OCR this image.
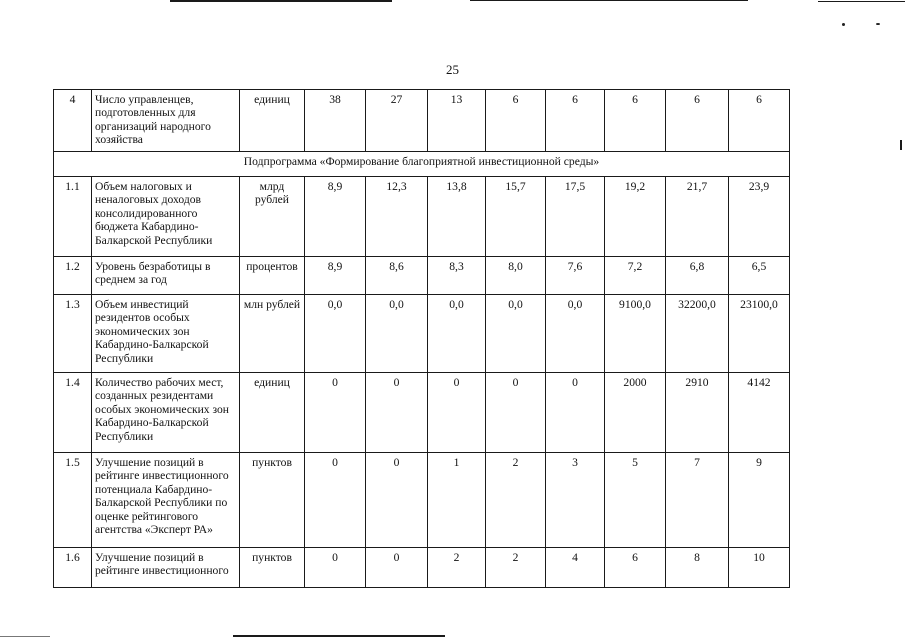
25
4	Число управленцев, подготовленных для организаций народного хозяйства	единиц	38	27	13	6	6	6	6	6
Подпрограмма «Формирование благоприятной инвестиционной среды»										
1.1	Объем налоговых и неналоговых доходов консолидированного бюджета Кабардино-Балкарской Республики	млрд рублей	8,9	12,3	13,8	15,7	17,5	19,2	21,7	23,9
1.2	Уровень безработицы в среднем за год	процентов	8,9	8,6	8,3	8,0	7,6	7,2	6,8	6,5
1.3	Объем инвестиций резидентов особых экономических зон Кабардино-Балкарской Республики	млн рублей	0,0	0,0	0,0	0,0	0,0	9100,0	32200,0	23100,0
1.4	Количество рабочих мест, созданных резидентами особых экономических зон Кабардино-Балкарской Республики	единиц	0	0	0	0	0	2000	2910	4142
1.5	Улучшение позиций в рейтинге инвестиционного потенциала Кабардино-Балкарской Республики по оценке рейтингового агентства «Эксперт РА»	пунктов	0	0	1	2	3	5	7	9
1.6	Улучшение позиций в рейтинге инвестиционного	пунктов	0	0	2	2	4	6	8	10
